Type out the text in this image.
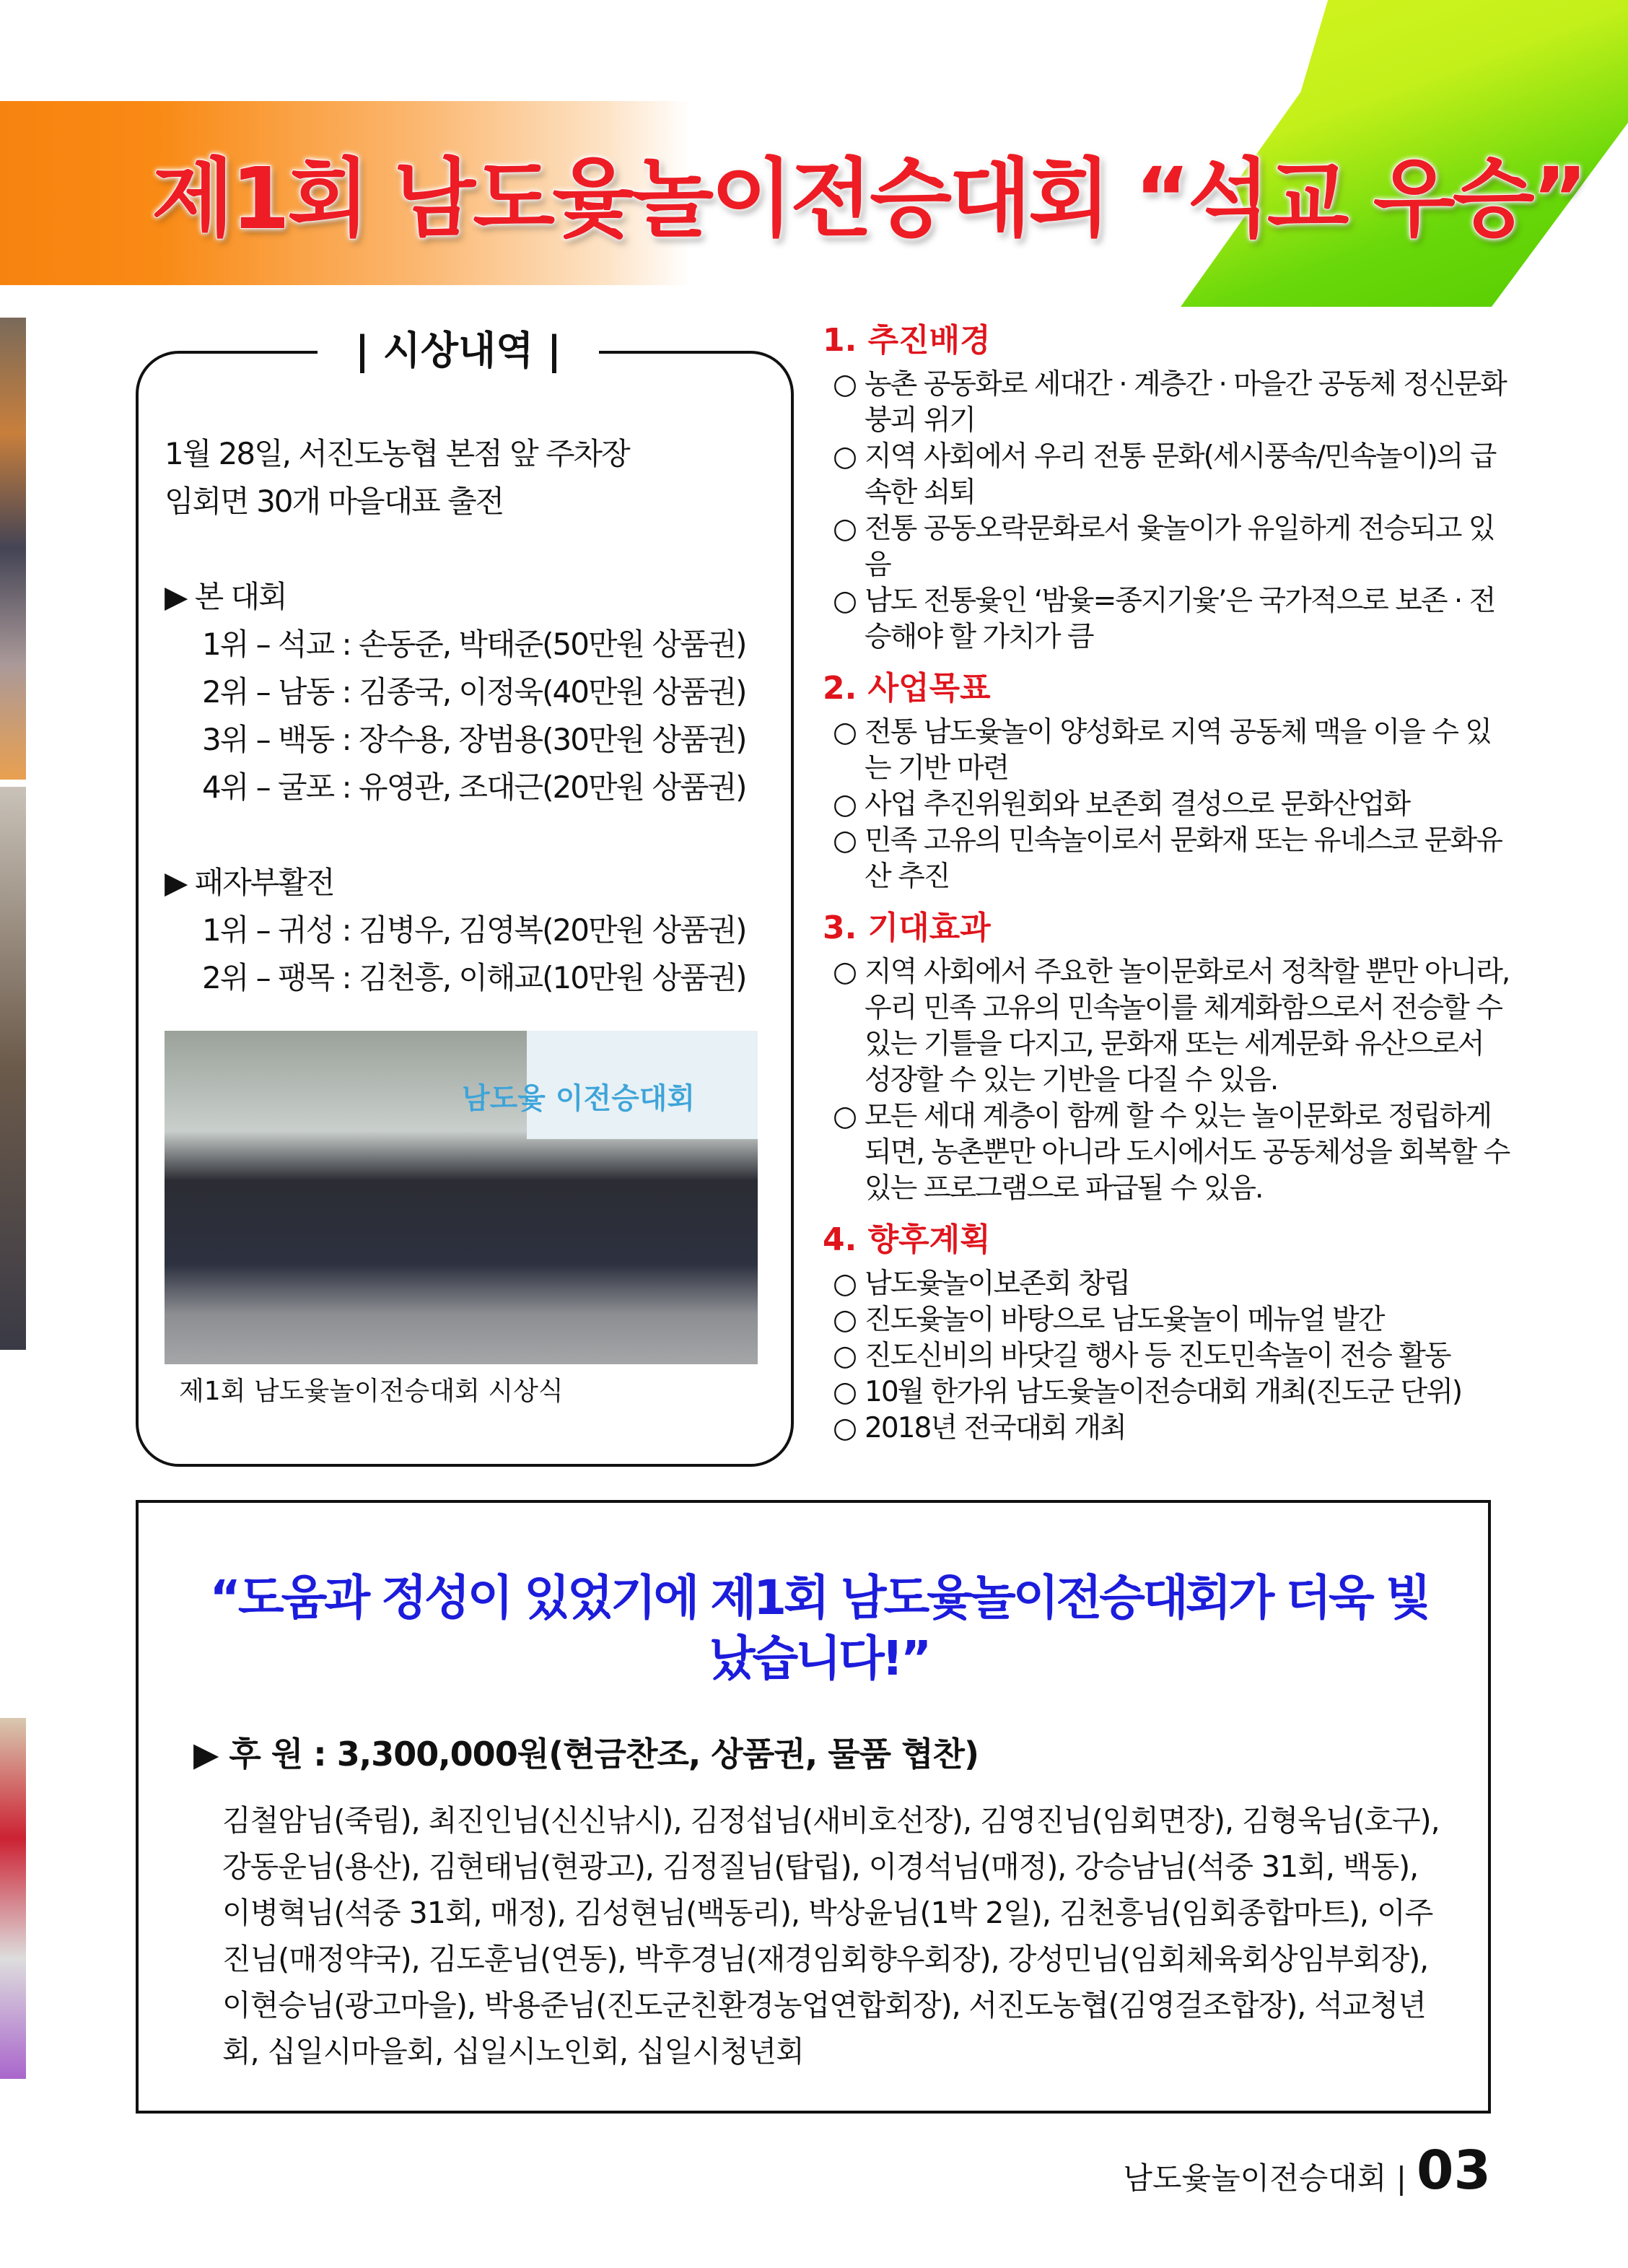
제1회 남도윷놀이전승대회 “석교 우승”
| 시상내역 |
1월 28일, 서진도농협 본점 앞 주차장
임회면 30개 마을대표 출전
▶ 본 대회
1위 – 석교 : 손동준, 박태준(50만원 상품권)
2위 – 남동 : 김종국, 이정욱(40만원 상품권)
3위 – 백동 : 장수용, 장범용(30만원 상품권)
4위 – 굴포 : 유영관, 조대근(20만원 상품권)
▶ 패자부활전
1위 – 귀성 : 김병우, 김영복(20만원 상품권)
2위 – 팽목 : 김천흥, 이해교(10만원 상품권)
남도윷 이전승대회
제1회 남도윷놀이전승대회 시상식
1. 추진배경
○ 농촌 공동화로 세대간 · 계층간 · 마을간 공동체 정신문화 붕괴 위기
○ 지역 사회에서 우리 전통 문화(세시풍속/민속놀이)의 급속한 쇠퇴
○ 전통 공동오락문화로서 윷놀이가 유일하게 전승되고 있음
○ 남도 전통윷인 ‘밤윷=종지기윷’은 국가적으로 보존 · 전승해야 할 가치가 큼
2. 사업목표
○ 전통 남도윷놀이 양성화로 지역 공동체 맥을 이을 수 있는 기반 마련
○ 사업 추진위원회와 보존회 결성으로 문화산업화
○ 민족 고유의 민속놀이로서 문화재 또는 유네스코 문화유산 추진
3. 기대효과
○ 지역 사회에서 주요한 놀이문화로서 정착할 뿐만 아니라, 우리 민족 고유의 민속놀이를 체계화함으로서 전승할 수 있는 기틀을 다지고, 문화재 또는 세계문화 유산으로서 성장할 수 있는 기반을 다질 수 있음.
○ 모든 세대 계층이 함께 할 수 있는 놀이문화로 정립하게 되면, 농촌뿐만 아니라 도시에서도 공동체성을 회복할 수 있는 프로그램으로 파급될 수 있음.
4. 향후계획
○ 남도윷놀이보존회 창립
○ 진도윷놀이 바탕으로 남도윷놀이 메뉴얼 발간
○ 진도신비의 바닷길 행사 등 진도민속놀이 전승 활동
○ 10월 한가위 남도윷놀이전승대회 개최(진도군 단위)
○ 2018년 전국대회 개최
“도움과 정성이 있었기에 제1회 남도윷놀이전승대회가 더욱 빛났습니다!”
▶ 후 원 : 3,300,000원(현금찬조, 상품권, 물품 협찬)
김철암님(죽림), 최진인님(신신낚시), 김정섭님(새비호선장), 김영진님(임회면장), 김형욱님(호구), 강동운님(용산), 김현태님(현광고), 김정질님(탑립), 이경석님(매정), 강승남님(석중 31회, 백동), 이병혁님(석중 31회, 매정), 김성현님(백동리), 박상윤님(1박 2일), 김천흥님(임회종합마트), 이주진님(매정약국), 김도훈님(연동), 박후경님(재경임회향우회장), 강성민님(임회체육회상임부회장), 이현승님(광고마을), 박용준님(진도군친환경농업연합회장), 서진도농협(김영걸조합장), 석교청년회, 십일시마을회, 십일시노인회, 십일시청년회
남도윷놀이전승대회 | 03
